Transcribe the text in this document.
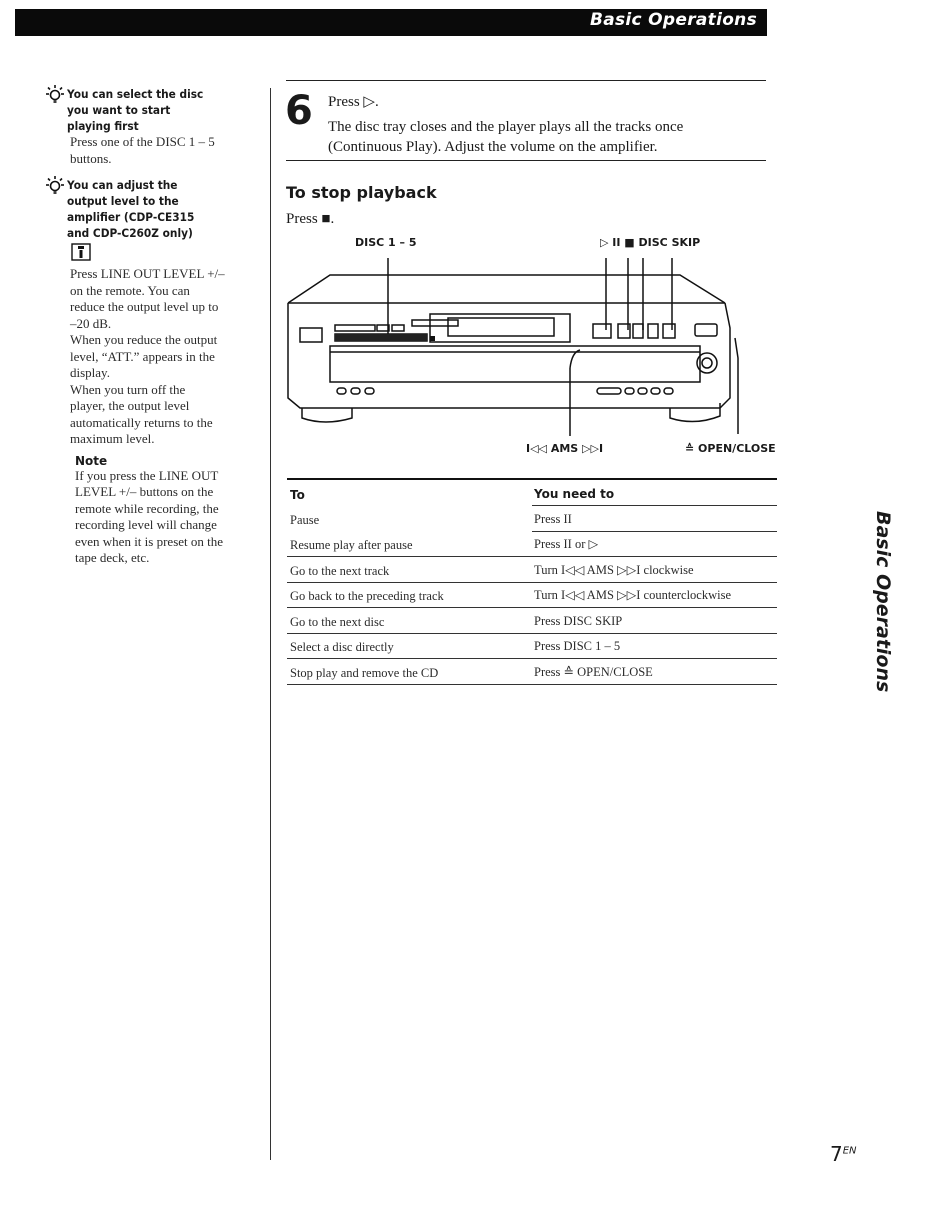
Basic Operations
You can select the disc you want to start playing first
Press one of the DISC 1 – 5
buttons.
You can adjust the output level to the amplifier (CDP-CE315 and CDP-C260Z only)
Press LINE OUT LEVEL +/–
on the remote. You can
reduce the output level up to
–20 dB.
When you reduce the output
level, “ATT.” appears in the
display.
When you turn off the
player, the output level
automatically returns to the
maximum level.
Note
If you press the LINE OUT
LEVEL +/– buttons on the
remote while recording, the
recording level will change
even when it is preset on the
tape deck, etc.
6 Press ▷.
The disc tray closes and the player plays all the tracks once (Continuous Play). Adjust the volume on the amplifier.
To stop playback
Press ■.
DISC 1 – 5	▷ II ■ DISC SKIP
I◁◁ AMS ▷▷I	≙ OPEN/CLOSE
To	You need to
Pause	Press II
Resume play after pause	Press II or ▷
Go to the next track	Turn I◁◁ AMS ▷▷I clockwise
Go back to the preceding track	Turn I◁◁ AMS ▷▷I counterclockwise
Go to the next disc	Press DISC SKIP
Select a disc directly	Press DISC 1 – 5
Stop play and remove the CD	Press ≙ OPEN/CLOSE	Basic Operations
$7^{EN}$
